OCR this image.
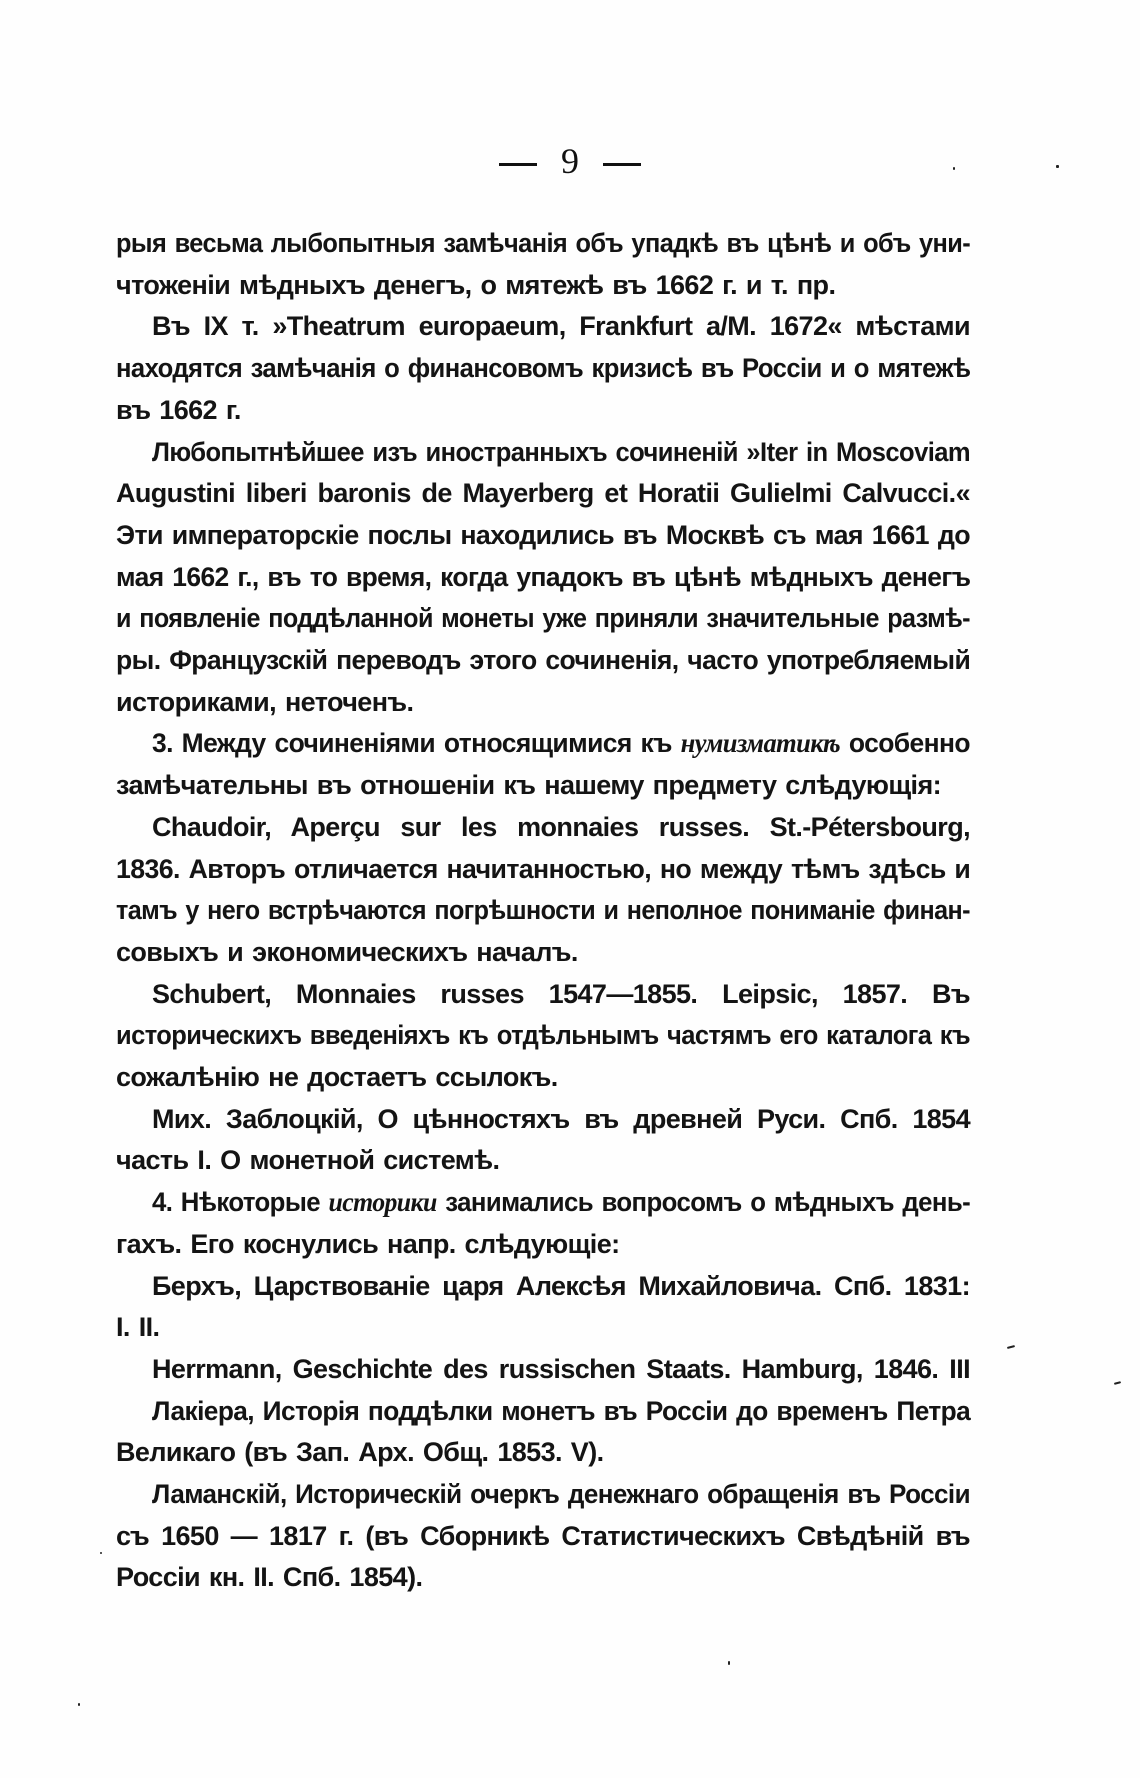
9
рыя весьма лыбопытныя замѣчанія объ упадкѣ въ цѣнѣ и объ уни-
чтоженіи мѣдныхъ денегъ, о мятежѣ въ 1662 г. и т. пр.
Въ IX т. »Theatrum europaeum, Frankfurt a/M. 1672« мѣстами
находятся замѣчанія о финансовомъ кризисѣ въ Россіи и о мятежѣ
въ 1662 г.
Любопытнѣйшее изъ иностранныхъ сочиненій »Iter in Moscoviam
Augustini liberi baronis de Mayerberg et Horatii Gulielmi Calvucci.«
Эти императорскіе послы находились въ Москвѣ съ мая 1661 до
мая 1662 г., въ то время, когда упадокъ въ цѣнѣ мѣдныхъ денегъ
и появленіе поддѣланной монеты уже приняли значительные размѣ-
ры. Французскій переводъ этого сочиненія, часто употребляемый
историками, неточенъ.
3. Между сочиненіями относящимися къ нумизматикѣ особенно
замѣчательны въ отношеніи къ нашему предмету слѣдующія:
Chaudoir, Aperçu sur les monnaies russes. St.-Pétersbourg,
1836. Авторъ отличается начитанностью, но между тѣмъ здѣсь и
тамъ у него встрѣчаются погрѣшности и неполное пониманіе финан-
совыхъ и экономическихъ началъ.
Schubert, Monnaies russes 1547—1855. Leipsic, 1857. Въ
историческихъ введеніяхъ къ отдѣльнымъ частямъ его каталога къ
сожалѣнію не достаетъ ссылокъ.
Мих. Заблоцкій, О цѣнностяхъ въ древней Руси. Спб. 1854
часть I. О монетной системѣ.
4. Нѣкоторые историки занимались вопросомъ о мѣдныхъ день-
гахъ. Его коснулись напр. слѣдующіе:
Берхъ, Царствованіе царя Алексѣя Михайловича. Спб. 1831:
I. II.
Herrmann, Geschichte des russischen Staats. Hamburg, 1846. III
Лакіера, Исторія поддѣлки монетъ въ Россіи до временъ Петра
Великаго (въ Зап. Арх. Общ. 1853. V).
Ламанскій, Историческій очеркъ денежнаго обращенія въ Россіи
съ 1650 — 1817 г. (въ Сборникѣ Статистическихъ Свѣдѣній въ
Россіи кн. II. Спб. 1854).
